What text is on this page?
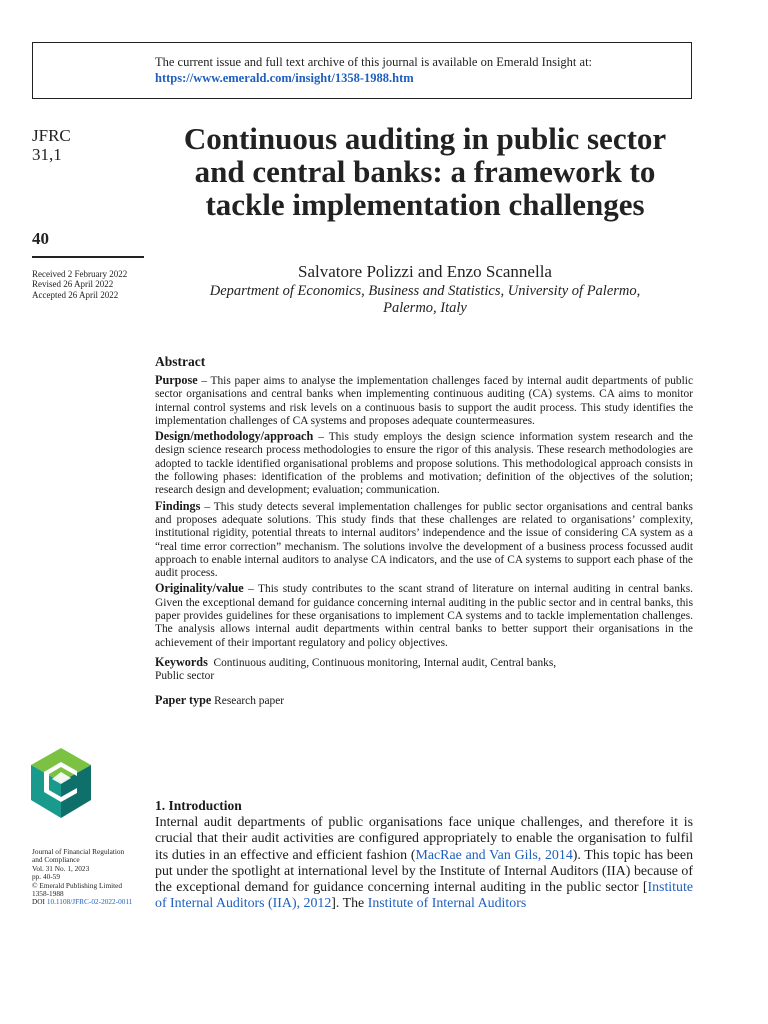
The current issue and full text archive of this journal is available on Emerald Insight at:
https://www.emerald.com/insight/1358-1988.htm
JFRC
31,1
40
Received 2 February 2022
Revised 26 April 2022
Accepted 26 April 2022
Continuous auditing in public sector and central banks: a framework to tackle implementation challenges
Salvatore Polizzi and Enzo Scannella
Department of Economics, Business and Statistics, University of Palermo,
Palermo, Italy
Abstract

Purpose – This paper aims to analyse the implementation challenges faced by internal audit departments of public sector organisations and central banks when implementing continuous auditing (CA) systems. CA aims to monitor internal control systems and risk levels on a continuous basis to support the audit process. This study identifies the implementation challenges of CA systems and proposes adequate countermeasures.

Design/methodology/approach – This study employs the design science information system research and the design science research process methodologies to ensure the rigor of this analysis. These research methodologies are adopted to tackle identified organisational problems and propose solutions. This methodological approach consists in the following phases: identification of the problems and motivation; definition of the objectives of the solution; research design and development; evaluation; communication.

Findings – This study detects several implementation challenges for public sector organisations and central banks and proposes adequate solutions. This study finds that these challenges are related to organisations’ complexity, institutional rigidity, potential threats to internal auditors’ independence and the issue of considering CA system as a “real time error correction” mechanism. The solutions involve the development of a business process focussed audit approach to enable internal auditors to analyse CA indicators, and the use of CA systems to support each phase of the audit process.

Originality/value – This study contributes to the scant strand of literature on internal auditing in central banks. Given the exceptional demand for guidance concerning internal auditing in the public sector and in central banks, this paper provides guidelines for these organisations to implement CA systems and to tackle implementation challenges. The analysis allows internal audit departments within central banks to better support their organisations in the achievement of their important regulatory and policy objectives.

Keywords Continuous auditing, Continuous monitoring, Internal audit, Central banks,
Public sector
Paper type Research paper
Journal of Financial Regulation
and Compliance
Vol. 31 No. 1, 2023
pp. 40-59
© Emerald Publishing Limited
1358-1988
DOI 10.1108/JFRC-02-2022-0011
1. Introduction

Internal audit departments of public organisations face unique challenges, and therefore it is crucial that their audit activities are configured appropriately to enable the organisation to fulfil its duties in an effective and efficient fashion (MacRae and Van Gils, 2014). This topic has been put under the spotlight at international level by the Institute of Internal Auditors (IIA) because of the exceptional demand for guidance concerning internal auditing in the public sector [Institute of Internal Auditors (IIA), 2012]. The Institute of Internal Auditors
